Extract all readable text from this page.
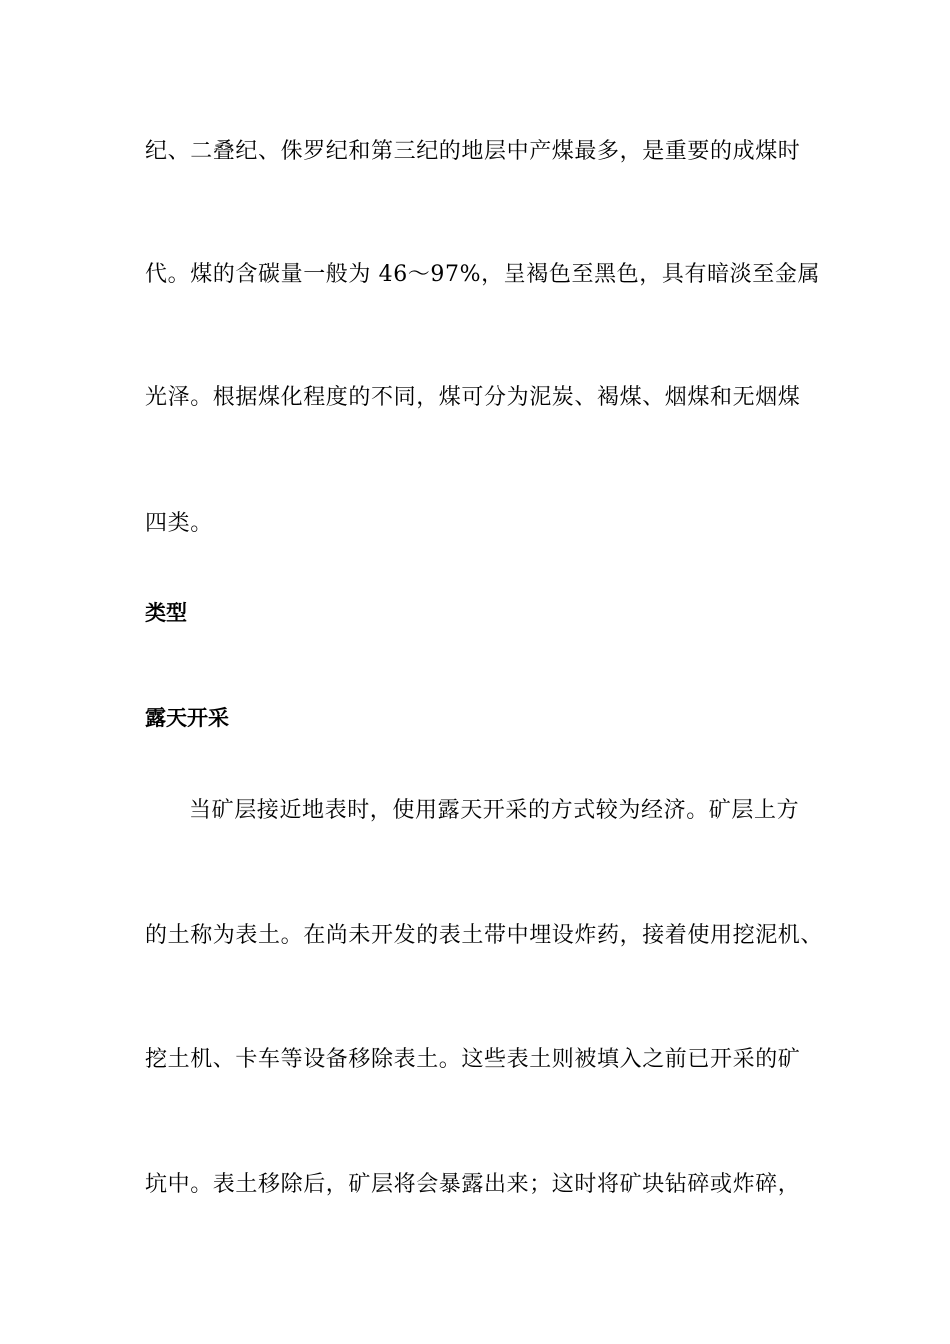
纪、二叠纪、侏罗纪和第三纪的地层中产煤最多，是重要的成煤时
代。煤的含碳量一般为 46～97%，呈褐色至黑色，具有暗淡至金属
光泽。根据煤化程度的不同，煤可分为泥炭、褐煤、烟煤和无烟煤
四类。
类型
露天开采
当矿层接近地表时，使用露天开采的方式较为经济。矿层上方
的土称为表土。在尚未开发的表土带中埋设炸药，接着使用挖泥机、
挖土机、卡车等设备移除表土。这些表土则被填入之前已开采的矿
坑中。表土移除后，矿层将会暴露出来；这时将矿块钻碎或炸碎，
